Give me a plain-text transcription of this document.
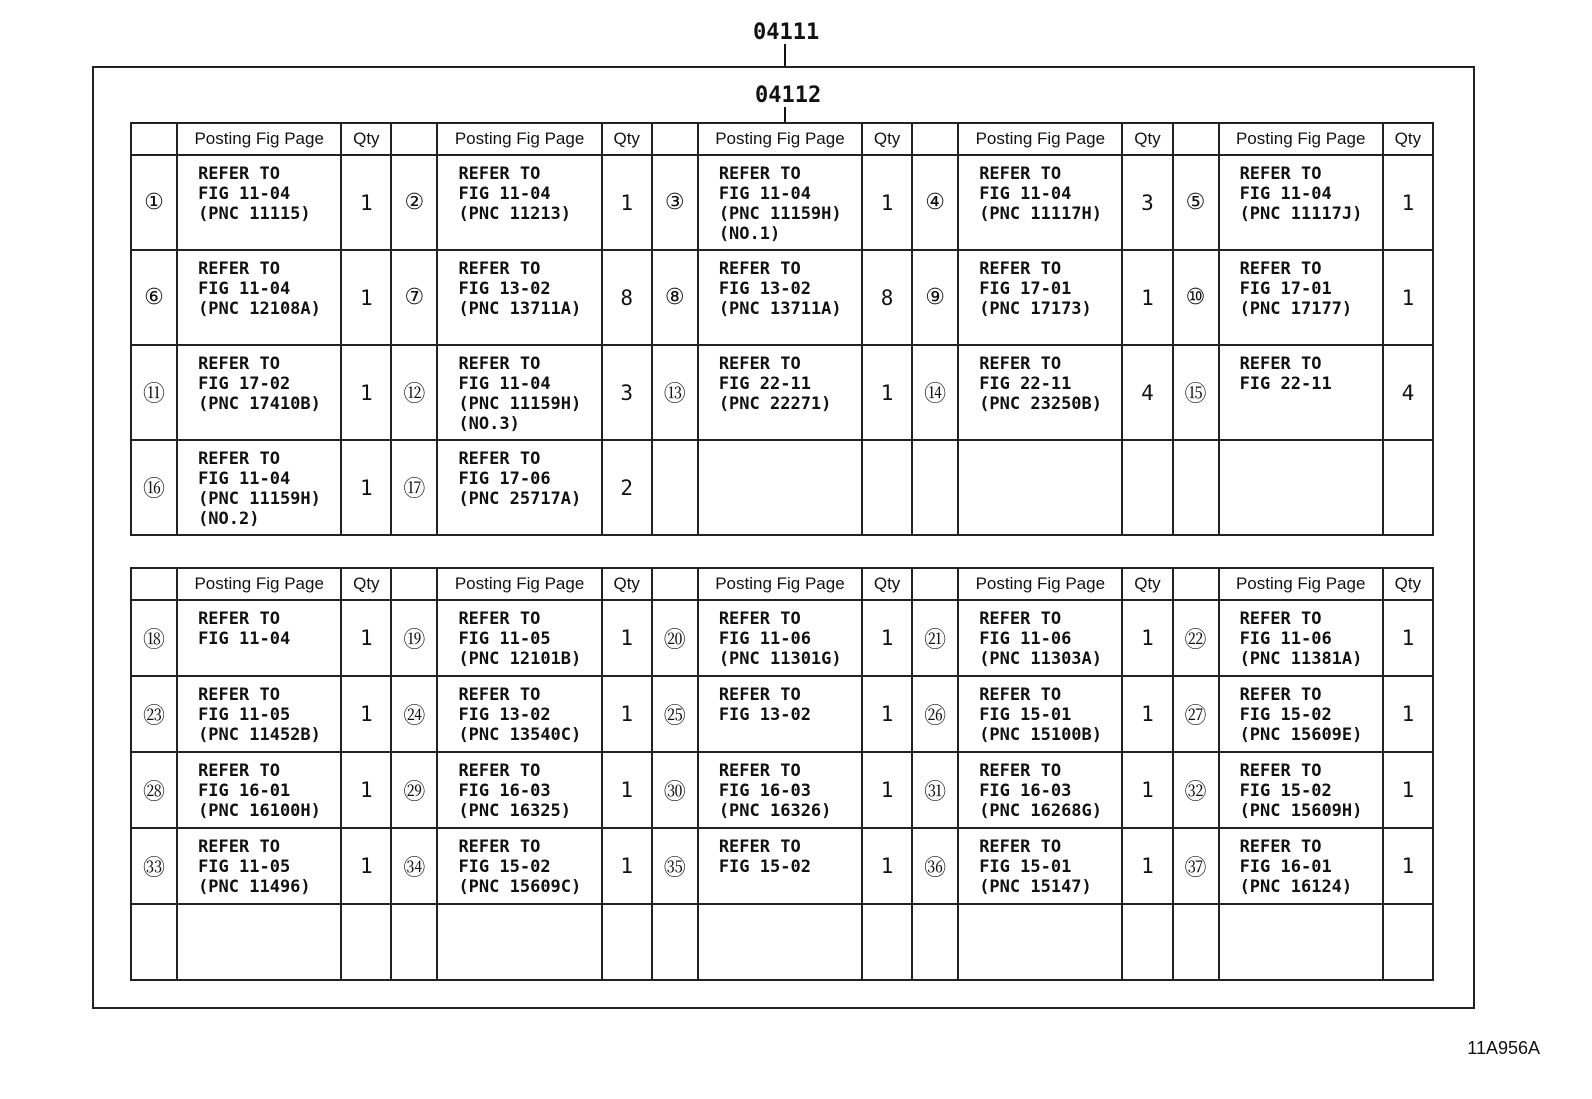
04111
04112
	Posting Fig Page	Qty		Posting Fig Page	Qty		Posting Fig Page	Qty		Posting Fig Page	Qty		Posting Fig Page	Qty
①	REFER TO
FIG 11-04
(PNC 11115)	1	②	REFER TO
FIG 11-04
(PNC 11213)	1	③	REFER TO
FIG 11-04
(PNC 11159H)
(NO.1)	1	④	REFER TO
FIG 11-04
(PNC 11117H)	3	⑤	REFER TO
FIG 11-04
(PNC 11117J)	1
⑥	REFER TO
FIG 11-04
(PNC 12108A)	1	⑦	REFER TO
FIG 13-02
(PNC 13711A)	8	⑧	REFER TO
FIG 13-02
(PNC 13711A)	8	⑨	REFER TO
FIG 17-01
(PNC 17173)	1	⑩	REFER TO
FIG 17-01
(PNC 17177)	1
⑪	REFER TO
FIG 17-02
(PNC 17410B)	1	⑫	REFER TO
FIG 11-04
(PNC 11159H)
(NO.3)	3	⑬	REFER TO
FIG 22-11
(PNC 22271)	1	⑭	REFER TO
FIG 22-11
(PNC 23250B)	4	⑮	REFER TO
FIG 22-11	4
⑯	REFER TO
FIG 11-04
(PNC 11159H)
(NO.2)	1	⑰	REFER TO
FIG 17-06
(PNC 25717A)	2									
	Posting Fig Page	Qty		Posting Fig Page	Qty		Posting Fig Page	Qty		Posting Fig Page	Qty		Posting Fig Page	Qty
⑱	REFER TO
FIG 11-04	1	⑲	REFER TO
FIG 11-05
(PNC 12101B)	1	⑳	REFER TO
FIG 11-06
(PNC 11301G)	1	㉑	REFER TO
FIG 11-06
(PNC 11303A)	1	㉒	REFER TO
FIG 11-06
(PNC 11381A)	1
㉓	REFER TO
FIG 11-05
(PNC 11452B)	1	㉔	REFER TO
FIG 13-02
(PNC 13540C)	1	㉕	REFER TO
FIG 13-02	1	㉖	REFER TO
FIG 15-01
(PNC 15100B)	1	㉗	REFER TO
FIG 15-02
(PNC 15609E)	1
㉘	REFER TO
FIG 16-01
(PNC 16100H)	1	㉙	REFER TO
FIG 16-03
(PNC 16325)	1	㉚	REFER TO
FIG 16-03
(PNC 16326)	1	㉛	REFER TO
FIG 16-03
(PNC 16268G)	1	㉜	REFER TO
FIG 15-02
(PNC 15609H)	1
㉝	REFER TO
FIG 11-05
(PNC 11496)	1	㉞	REFER TO
FIG 15-02
(PNC 15609C)	1	㉟	REFER TO
FIG 15-02	1	㊱	REFER TO
FIG 15-01
(PNC 15147)	1	㊲	REFER TO
FIG 16-01
(PNC 16124)	1

11A956A
